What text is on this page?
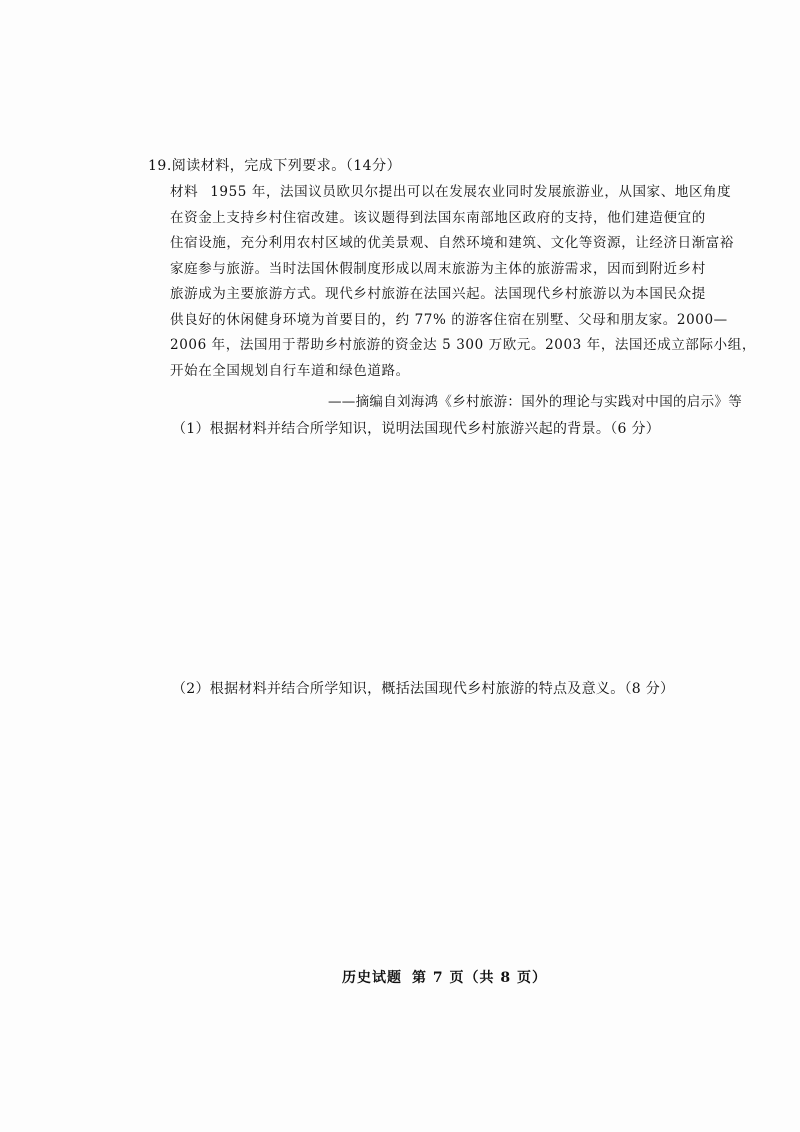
19.阅读材料，完成下列要求。（14分）
材料 1955 年，法国议员欧贝尔提出可以在发展农业同时发展旅游业，从国家、地区角度
在资金上支持乡村住宿改建。该议题得到法国东南部地区政府的支持，他们建造便宜的
住宿设施，充分利用农村区域的优美景观、自然环境和建筑、文化等资源，让经济日渐富裕
家庭参与旅游。当时法国休假制度形成以周末旅游为主体的旅游需求，因而到附近乡村
旅游成为主要旅游方式。现代乡村旅游在法国兴起。法国现代乡村旅游以为本国民众提
供良好的休闲健身环境为首要目的，约 77% 的游客住宿在别墅、父母和朋友家。2000—
2006 年，法国用于帮助乡村旅游的资金达 5 300 万欧元。2003 年，法国还成立部际小组，
开始在全国规划自行车道和绿色道路。
——摘编自刘海鸿《乡村旅游：国外的理论与实践对中国的启示》等
（1）根据材料并结合所学知识，说明法国现代乡村旅游兴起的背景。（6 分）
（2）根据材料并结合所学知识，概括法国现代乡村旅游的特点及意义。（8 分）
历史试题 第 7 页（共 8 页）
